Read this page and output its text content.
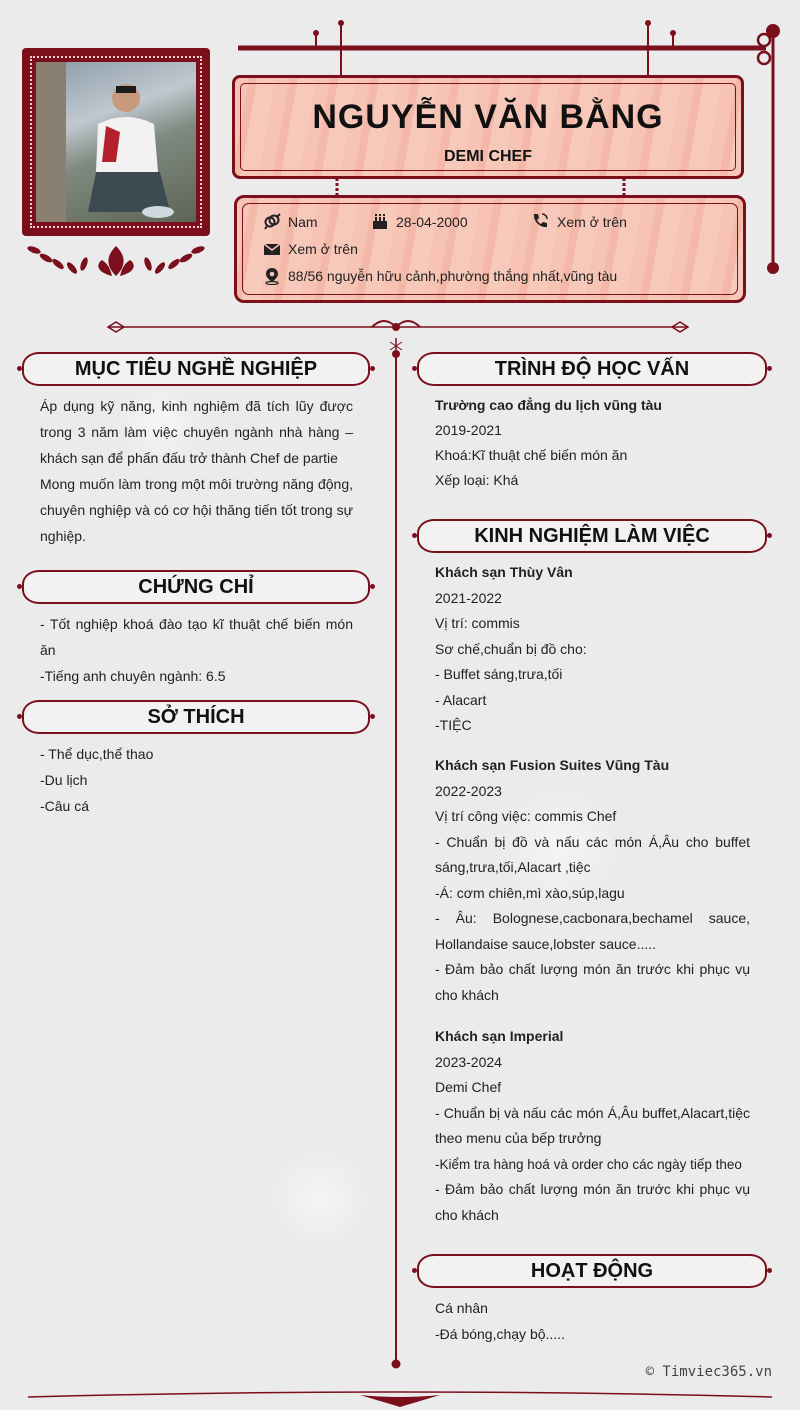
NGUYỄN VĂN BẰNG
DEMI CHEF
Nam	28-04-2000	Xem ở trên
Xem ở trên
88/56 nguyễn hữu cảnh,phường thắng nhất,vũng tàu
MỤC TIÊU NGHỀ NGHIỆP
Áp dụng kỹ năng, kinh nghiệm đã tích lũy được trong 3 năm làm việc chuyên ngành nhà hàng – khách sạn để phấn đấu trở thành Chef de partie
Mong muốn làm trong một môi trường năng động, chuyên nghiệp và có cơ hội thăng tiến tốt trong sự nghiệp.
CHỨNG CHỈ
- Tốt nghiệp khoá đào tạo kĩ thuật chế biến món ăn
-Tiếng anh chuyên ngành: 6.5
SỞ THÍCH
- Thể dục,thể thao
-Du lịch
-Câu cá
TRÌNH ĐỘ HỌC VẤN
Trường cao đẳng du lịch vũng tàu
2019-2021
Khoá:Kĩ thuật chế biến món ăn
Xếp loại: Khá
KINH NGHIỆM LÀM VIỆC
Khách sạn Thùy Vân
2021-2022
Vị trí: commis
Sơ chế,chuẩn bị đồ cho:
- Buffet sáng,trưa,tối
- Alacart
-TIỆC
Khách sạn Fusion Suites Vũng Tàu
2022-2023
Vị trí công việc: commis Chef
- Chuẩn bị đồ và nấu các món Á,Âu cho buffet sáng,trưa,tối,Alacart ,tiệc
-Á: cơm chiên,mì xào,súp,lagu
- Âu: Bolognese,cacbonara,bechamel sauce, Hollandaise sauce,lobster sauce.....
- Đảm bảo chất lượng món ăn trước khi phục vụ cho khách
Khách sạn Imperial
2023-2024
Demi Chef
- Chuẩn bị và nấu các món Á,Âu buffet,Alacart,tiệc theo menu của bếp trưởng
-Kiểm tra hàng hoá và order cho các ngày tiếp theo
- Đảm bảo chất lượng món ăn trước khi phục vụ cho khách
HOẠT ĐỘNG
Cá nhân
-Đá bóng,chạy bộ.....
© Timviec365.vn
